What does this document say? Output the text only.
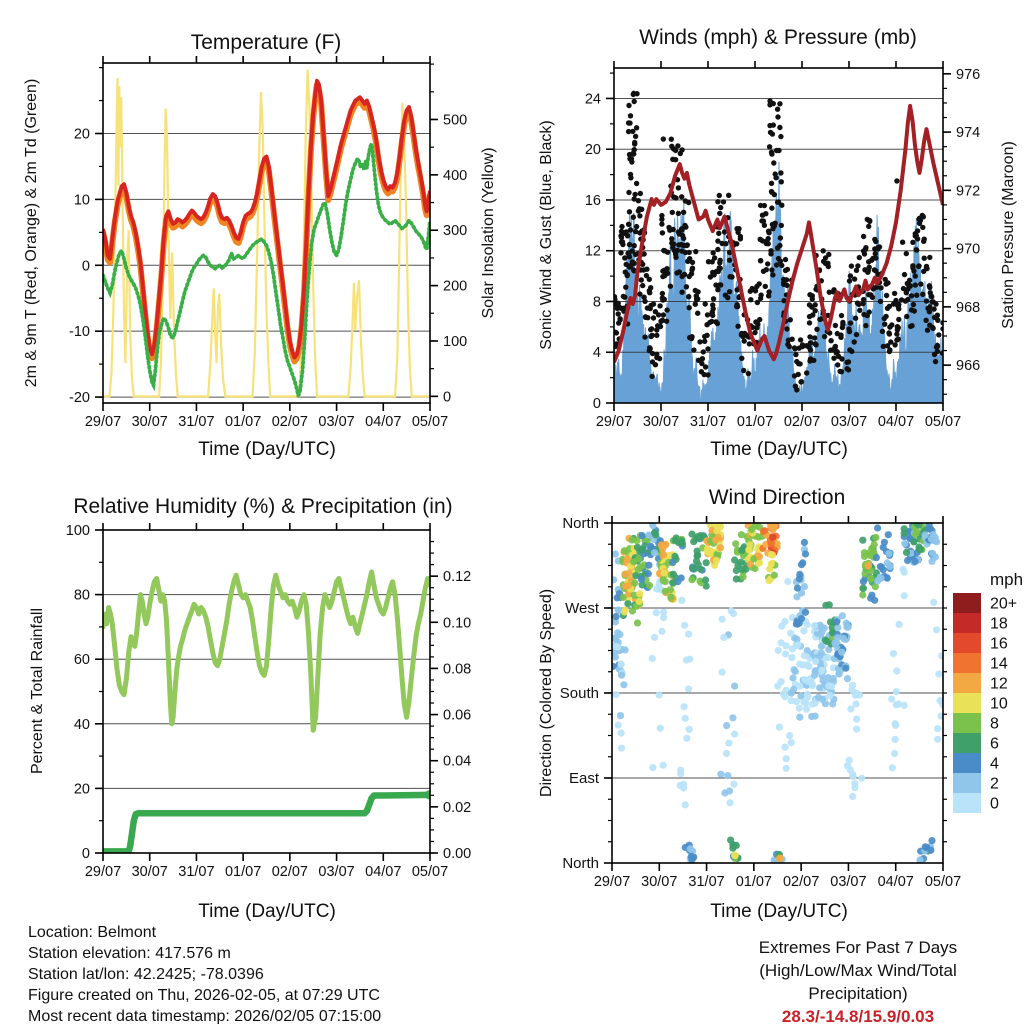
29/07 30/07 31/07 01/07 02/07 03/07 04/07 05/07
-20
-10
0
10
20
0
100
200
300
400
500
29/07 30/07 31/07 01/07 02/07 03/07 04/07 05/07
0
4
8
12
16
20
24
966
968
970
972
974
976
29/07 30/07 31/07 01/07 02/07 03/07 04/07 05/07
0
20
40
60
80
100
0.00
0.02
0.04
0.06
0.08
0.10
0.12
29/07 30/07 31/07 01/07 02/07 03/07 04/07 05/07
North
West
South
East
North
20+
18
16
14
12
10
8
6
4
2
0
Temperature (F)	Winds (mph) & Pressure (mb)
Relative Humidity (%) & Precipitation (in)	Wind Direction
Time (Day/UTC)	Time (Day/UTC)
Time (Day/UTC)	Time (Day/UTC)
2m & 9m T (Red, Orange) & 2m Td (Green)	Solar Insolation (Yellow)	Sonic Wind & Gust (Blue, Black)	Station Pressure (Maroon)
Percent & Total Rainfall	Direction (Colored By Speed)
mph
Location: Belmont
Station elevation: 417.576 m
Station lat/lon: 42.2425; -78.0396
Figure created on Thu, 2026-02-05, at 07:29 UTC
Most recent data timestamp: 2026/02/05 07:15:00
Extremes For Past 7 Days
(High/Low/Max Wind/Total Precipitation)
28.3/-14.8/15.9/0.03
